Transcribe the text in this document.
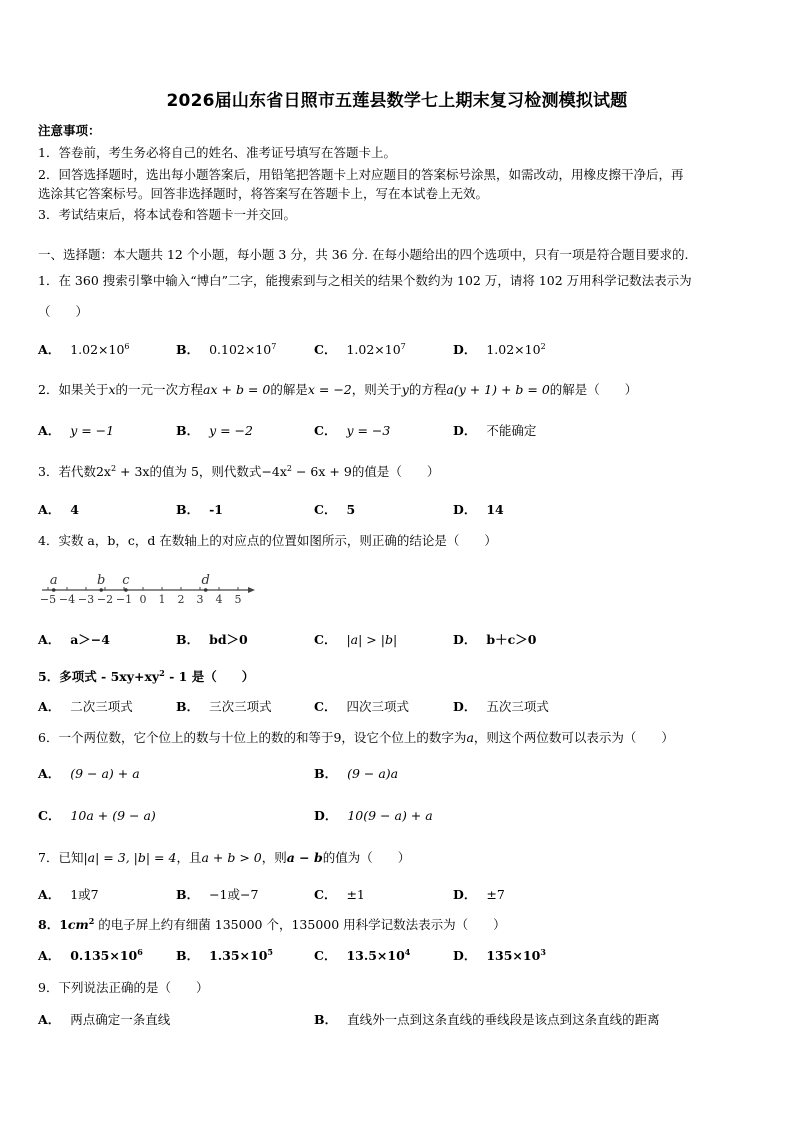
2026届山东省日照市五莲县数学七上期末复习检测模拟试题
注意事项：
1．答卷前，考生务必将自己的姓名、准考证号填写在答题卡上。
2．回答选择题时，选出每小题答案后，用铅笔把答题卡上对应题目的答案标号涂黑，如需改动，用橡皮擦干净后，再
选涂其它答案标号。回答非选择题时，将答案写在答题卡上，写在本试卷上无效。
3．考试结束后，将本试卷和答题卡一并交回。
一、选择题：本大题共 12 个小题，每小题 3 分，共 36 分. 在每小题给出的四个选项中，只有一项是符合题目要求的.
1．在 360 搜索引擎中输入“博白”二字，能搜索到与之相关的结果个数约为 102 万，请将 102 万用科学记数法表示为
（　　）
A． $1.02\times 10^6$	B． $0.102\times 10^7$	C． $1.02\times 10^7$	D． $1.02\times 10^2$
2．如果关于x的一元一次方程ax + b = 0的解是x = −2，则关于y的方程a(y + 1) + b = 0的解是（　　）
A． y = −1	B． y = −2	C． y = −3	D． 不能确定
3．若代数$2x^2 + 3x$的值为 5，则代数式$-4x^2 - 6x + 9$的值是（　　）
A． 4	B． -1	C． 5	D． 14
4．实数 a，b，c，d 在数轴上的对应点的位置如图所示，则正确的结论是（　　）
−5 −4 −3 −2 −1 0 1 2 3 4 5
a	b c	d
A． a＞−4	B． bd＞0	C． |a| > |b|	D． b＋c＞0
5．多项式 - $5xy+xy^2 - 1$ 是（　　）
A． 二次三项式	B． 三次三项式	C． 四次三项式	D． 五次三项式
6．一个两位数，它个位上的数与十位上的数的和等于9，设它个位上的数字为a，则这个两位数可以表示为（　　）
A． (9 − a) + a	B． (9 − a)a
C． 10a + (9 − a)	D． 10(9 − a) + a
7．已知|a| = 3, |b| = 4，且a + b > 0，则a − b的值为（　　）
A． 1或7	B． −1或−7	C． ±1	D． ±7
8．$1cm^2$ 的电子屏上约有细菌 135000 个，135000 用科学记数法表示为（　　）
A． $0.135\times 10^6$	B． $1.35\times 10^5$	C． $13.5\times 10^4$	D． $135\times 10^3$
9．下列说法正确的是（　　）
A． 两点确定一条直线	B． 直线外一点到这条直线的垂线段是该点到这条直线的距离
